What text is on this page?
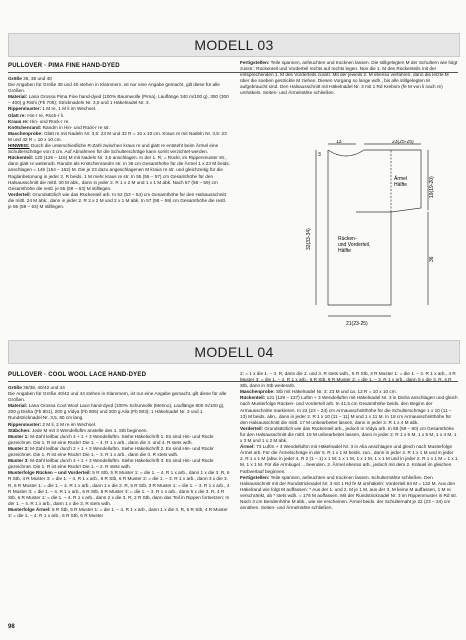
MODELL 03
PULLOVER · PIMA FINE HAND-DYED

Größe 36, 38 und 40

Die Angaben für Größe 38 und 40 stehen in Klammern, ist nur eine Angabe gemacht, gilt diese für alle Größen.

Material: Lana Grossa Pima Fine hand-dyed (100% Baumwolle (Pima), Lauflänge 340 m/100 g), 300 (300 – 400) g Rishi (Fb 705); Stricknadeln Nr. 3,5 und 1 Häkelnadel Nr. 3.

Rippenmuster: 1 M re, 1 M li im Wechsel.

Glatt re: Hin-r re, Rück-r li.

Kraus re: Hin- und Rück-r re.

Knötchenrand: Randm in Hin- und Rück-r re str.

Maschenprobe: Glatt re mit Nadeln Nr. 3,5: 23 M und 32 R = 10 x 10 cm. Kraus re mit Nadeln Nr. 3,5: 23 M und 42 R = 10 x 10 cm.

HINWEIS: Durch die unterschiedliche R-Zahl zwischen kraus re und glatt re entsteht beim Ärmel eine Schulterschräge von 3 cm. Auf Abnahmen für die Schulterschräge kann somit verzichtet werden.

Rückenteil: 120 (126 – 116) M mit Nadeln Nr. 3,5 anschlagen. In der 1. R, = Rückr, im Rippenmuster str., dann glatt re weiterarb. Randm als Knötchenrandm str. In 36 cm Gesamthöhe für die Ärmel 1 x 23 M beids. anschlagen = 146 (154 – 162) M. Die je 23 dazu angeschlagenen M kraus re str. und gleichzeitig für die Raglanbetonung in jeder 2. R beids. 1 M mehr kraus re str. In 55 (56 – 57) cm Gesamthöhe für den Halsausschnitt die mittl. 30 M abk., dann in jeder 2. R 1 x 2 M und 1 x 1 M abk. Nach 57 (58 – 59) cm Gesamthöhe die restl. je 55 (59 – 63) M stilllegen.

Vorderteil: Grundsätzlich wie das Rückenteil arb. In 52 (53 – 54) cm Gesamthöhe für den Halsausschnitt die mittl. 24 M abk., dann in jeder 2. R 2 x 2 M und 2 x 1 M abk. In 57 (58 – 59) cm Gesamthöhe die restl. je 55 (59 – 63) M stilllegen.

Fertigstellen: Teile spannen, anfeuchten und trocknen lassen. Die stillgelegten M der Schultern wie folgt zusstr.: Rückenteil und Vorderteil rechts auf rechts legen. Nun die 1. M des Rückenteils mit der entsprechenden 1. M des Vorderteils zusstr. Mit der jeweils 2. M ebenso verfahren, dann die letzte M über die soeben gestrickte M ziehen. Diesen Vorgang so lange wdh., bis alle stillgelegten M aufgebraucht sind. Den Halsausschnitt mit Häkelnadel Nr. 3 mit 1 Rd Krebsm (fe M von li nach re) umhäkeln. Seiten- und Ärmelnähte schließen.

23(25-25)
13
3
32(33-34)
19(19-20)
36
Ärmel Hälfte
Rücken-und Vorderteil, Hälfte
21(23-25)
MODELL 04
PULLOVER · COOL WOOL LACE HAND-DYED

Größe 36/38, 40/42 und 44

Die Angaben für Größe 40/42 und 44 stehen in Klammern, ist nur eine Angabe gemacht, gilt diese für alle Größen.

Material: Lana Grossa Cool Wool Lace hand-dyed (100% Schurwolle (Merino), Lauflänge 800 m/100 g), 200 g Disha (Fb 801), 200 g Vidya (Fb 806) und 200 g Alia (Fb 803); 1 Häkelnadel Nr. 3 und 1 Rundstricknadel Nr. 3,5, 80 cm lang.

Rippenmuster: 2 M li, 2 M re im Wechsel.

Stäbchen: Jede M mit 3 Wendelluftm anstelle des 1. Stb beginnen.

Muster 1: M-Zahl teilbar durch 4 + 1 + 3 Wendelluftm. Siehe Häkelschrift 1. Es sind Hin- und Rückr gezeichnet. Die 1. R ist eine Rückr! Die 1. – 4. R 1 x arb., dann die 3. und 4. R stets wdh.

Muster 2: M-Zahl teilbar durch 2 + 1 + 3 Wendelluftm. Siehe Häkelschrift 2. Es sind Hin- und Rückr gezeichnet. Die 1. R ist eine Rückr! Die 1. – 3. R 1 x arb., dann die 3. R stets wdh.

Muster 3: M-Zahl teilbar durch 4 + 1 + 3 Wendelluftm. Siehe Häkelschrift 3. Es sind Hin- und Rückr gezeichnet. Die 1. R ist eine Rückr! Die 1. – 2. R stets wdh.

Musterfolge Rücken – und Vorderteil: 5 R Stb, 5 R Muster 1: = die 1. – 4. R 1 x arb., dann 1 x die 3. R, 6 R Stb, 4 R Muster 3: = die 1. – 4. R 1 x arb., 6 R Stb, 6 R Muster 2: = die 1. – 3. R 1 x arb., dann 3 x die 3. R, 6 R Muster 1: = die 1. – 4. R 1 x arb., dann 1 x die 2. R, 5 R Stb, 3 R Muster 1: = die 1. – 3. R 1 x arb., 4 R Muster 3: = die 1. – 4. R 1 x arb., 6 R Stb, 8 R Muster 3: = die 1. – 3. R 1 x arb., dann 5 x die 3. R, 4 R Stb, 6 R Muster 1: = die 1. – 4. R 1 x arb., dann 2 x die 3. R, 2 R Stb, dann das Teil in Rippen fortsetzen: In der 1. – 4. R 1 x arb., dann 1 x die 3. R stets wdh.

Musterfolge Ärmel: 5 R Stb, 5 R Muster 1: = die 1. – 4. R 1 x arb., dann 1 x die 3. R, 6 R Stb, 4 R Muster 3: = die 1. – 4. R 1 x arb., 6 R Stb, 6 R Muster

2: = 1 x die 1. – 3. R, dann die 2. und 3. R stets wdh., 5 R Stb, 3 R Muster 1: = die 1. – 3. R 1 x arb., 4 R Muster 3: = die 1. – 4. R 1 x arb., 6 R Stb, 8 R Muster 2: = die 1. – 3. R 1 x arb., dann 5 x die 3. R, 4 R Stb, dann in Stb weiterarb.

Maschenprobe: Stb mit Häkelnadel Nr. 3: 23 M und ca. 12 R = 10 x 10 cm.

Rückenteil: 121 (129 – 137) Luftm + 3 Wendelluftm mit Häkelnadel Nr. 3 in Disha anschlagen und gleich nach Musterfolge Rücken- und Vorderteil arb. In 41,5 cm Gesamthöhe beids. den Beginn der Armausschnitte markieren. In 22 (23 – 24) cm Armausschnitthöhe für die Schulterschräge 1 x 10 (11 – 13) M beids. abn., dann in jeder 2. R 1 x 10 (11 – 11) M und 1 x 11 M. In 18 cm Armausschnitthöhe für den Halsausschnitt die mittl. 17 M unbearbeitet lassen, dann in jeder 2. R 1 x 4 M abk.

Vorderteil: Grundsätzlich wie das Rückenteil arb., jedoch in Vidya arb. In 58 (59 – 60) cm Gesamthöhe für den Halsausschnitt die mittl. 15 M unbearbeitet lassen, dann in jeder 2. R 1 x 6 M, 1 x 5 M, 1 x 4 M, 1 x 3 M und 1 x 2 M abk.

Ärmel: 73 Luftm + 3 Wendelluftm mit Häkelnadel Nr. 3 in Alia anschlagen und gleich nach Musterfolge Ärmel arb. Für die Ärmelschräge in der 5. R 1 x 1 M beids. zun., dann in jeder 2. R 1 x 1 M und in jeder 2. R 1 x 1 M (abw. in jeder 4. R 2 (1 – 1) x 1 M: 1 x 1 M, 1 x 1 M, 1 x 1 M und in jeder 2. R 1 x 1 M = 1 x 1 M, 1 x 1 M. Für die Armkugel ... beenden. 2. Ärmel ebenso arb., jedoch mit dem 2. Knäuel im gleichen Farbverlauf beginnen.

Fertigstellen: Teile spannen, anfeuchten und trocknen lassen. Schulternähte schließen. Den Halsausschnitt mit der Rundstricknadel Nr. 3 mit 1 Rd fe M umhäkeln: Vorderteil 64 M = 132 M. Aus den Häkelrand wie folgt M auffassen: * Aus der 1. und 2. M je 1 M, aus der 3. M keine M auffassen, 1 M re verschränkt, ab * stets wdh. = 176 M auffassen. Mit der Rundstricknadel Nr. 3 im Rippenmuster in Rd str. Nach 3 cm Bendenhöhe M abk., wie sie erscheinen. Ärmel beids. der Schulternaht je 22 (23 – 24) cm annähen. Seiten- und Ärmelnähte schließen.

98
